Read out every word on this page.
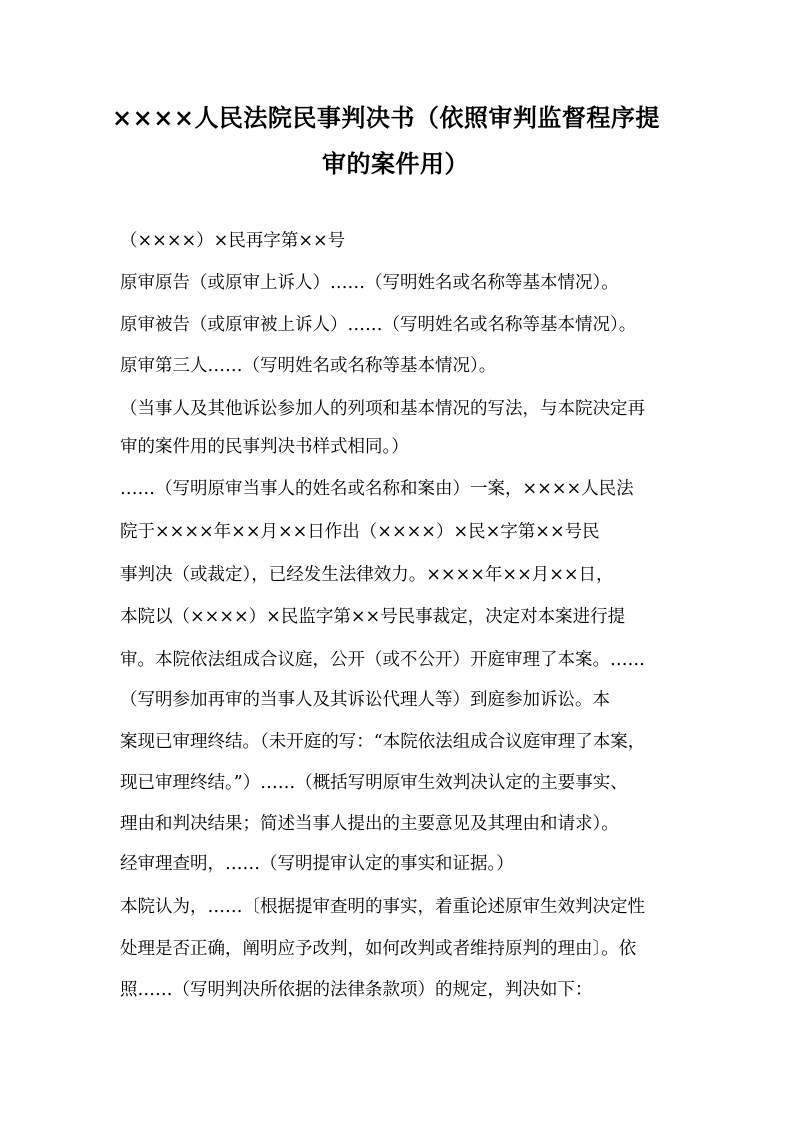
××××人民法院民事判决书（依照审判监督程序提
审的案件用）
（××××）×民再字第××号
原审原告（或原审上诉人）……（写明姓名或名称等基本情况）。
原审被告（或原审被上诉人）……（写明姓名或名称等基本情况）。
原审第三人……（写明姓名或名称等基本情况）。
（当事人及其他诉讼参加人的列项和基本情况的写法，与本院决定再
审的案件用的民事判决书样式相同。）
……（写明原审当事人的姓名或名称和案由）一案，××××人民法
院于××××年××月××日作出（××××）×民×字第××号民
事判决（或裁定），已经发生法律效力。××××年××月××日，
本院以（××××）×民监字第××号民事裁定，决定对本案进行提
审。本院依法组成合议庭，公开（或不公开）开庭审理了本案。……
（写明参加再审的当事人及其诉讼代理人等）到庭参加诉讼。本
案现已审理终结。（未开庭的写：“本院依法组成合议庭审理了本案，
现已审理终结。”）……（概括写明原审生效判决认定的主要事实、
理由和判决结果；简述当事人提出的主要意见及其理由和请求）。
经审理查明，……（写明提审认定的事实和证据。）
本院认为，……〔根据提审查明的事实，着重论述原审生效判决定性
处理是否正确，阐明应予改判，如何改判或者维持原判的理由〕。依
照……（写明判决所依据的法律条款项）的规定，判决如下：
